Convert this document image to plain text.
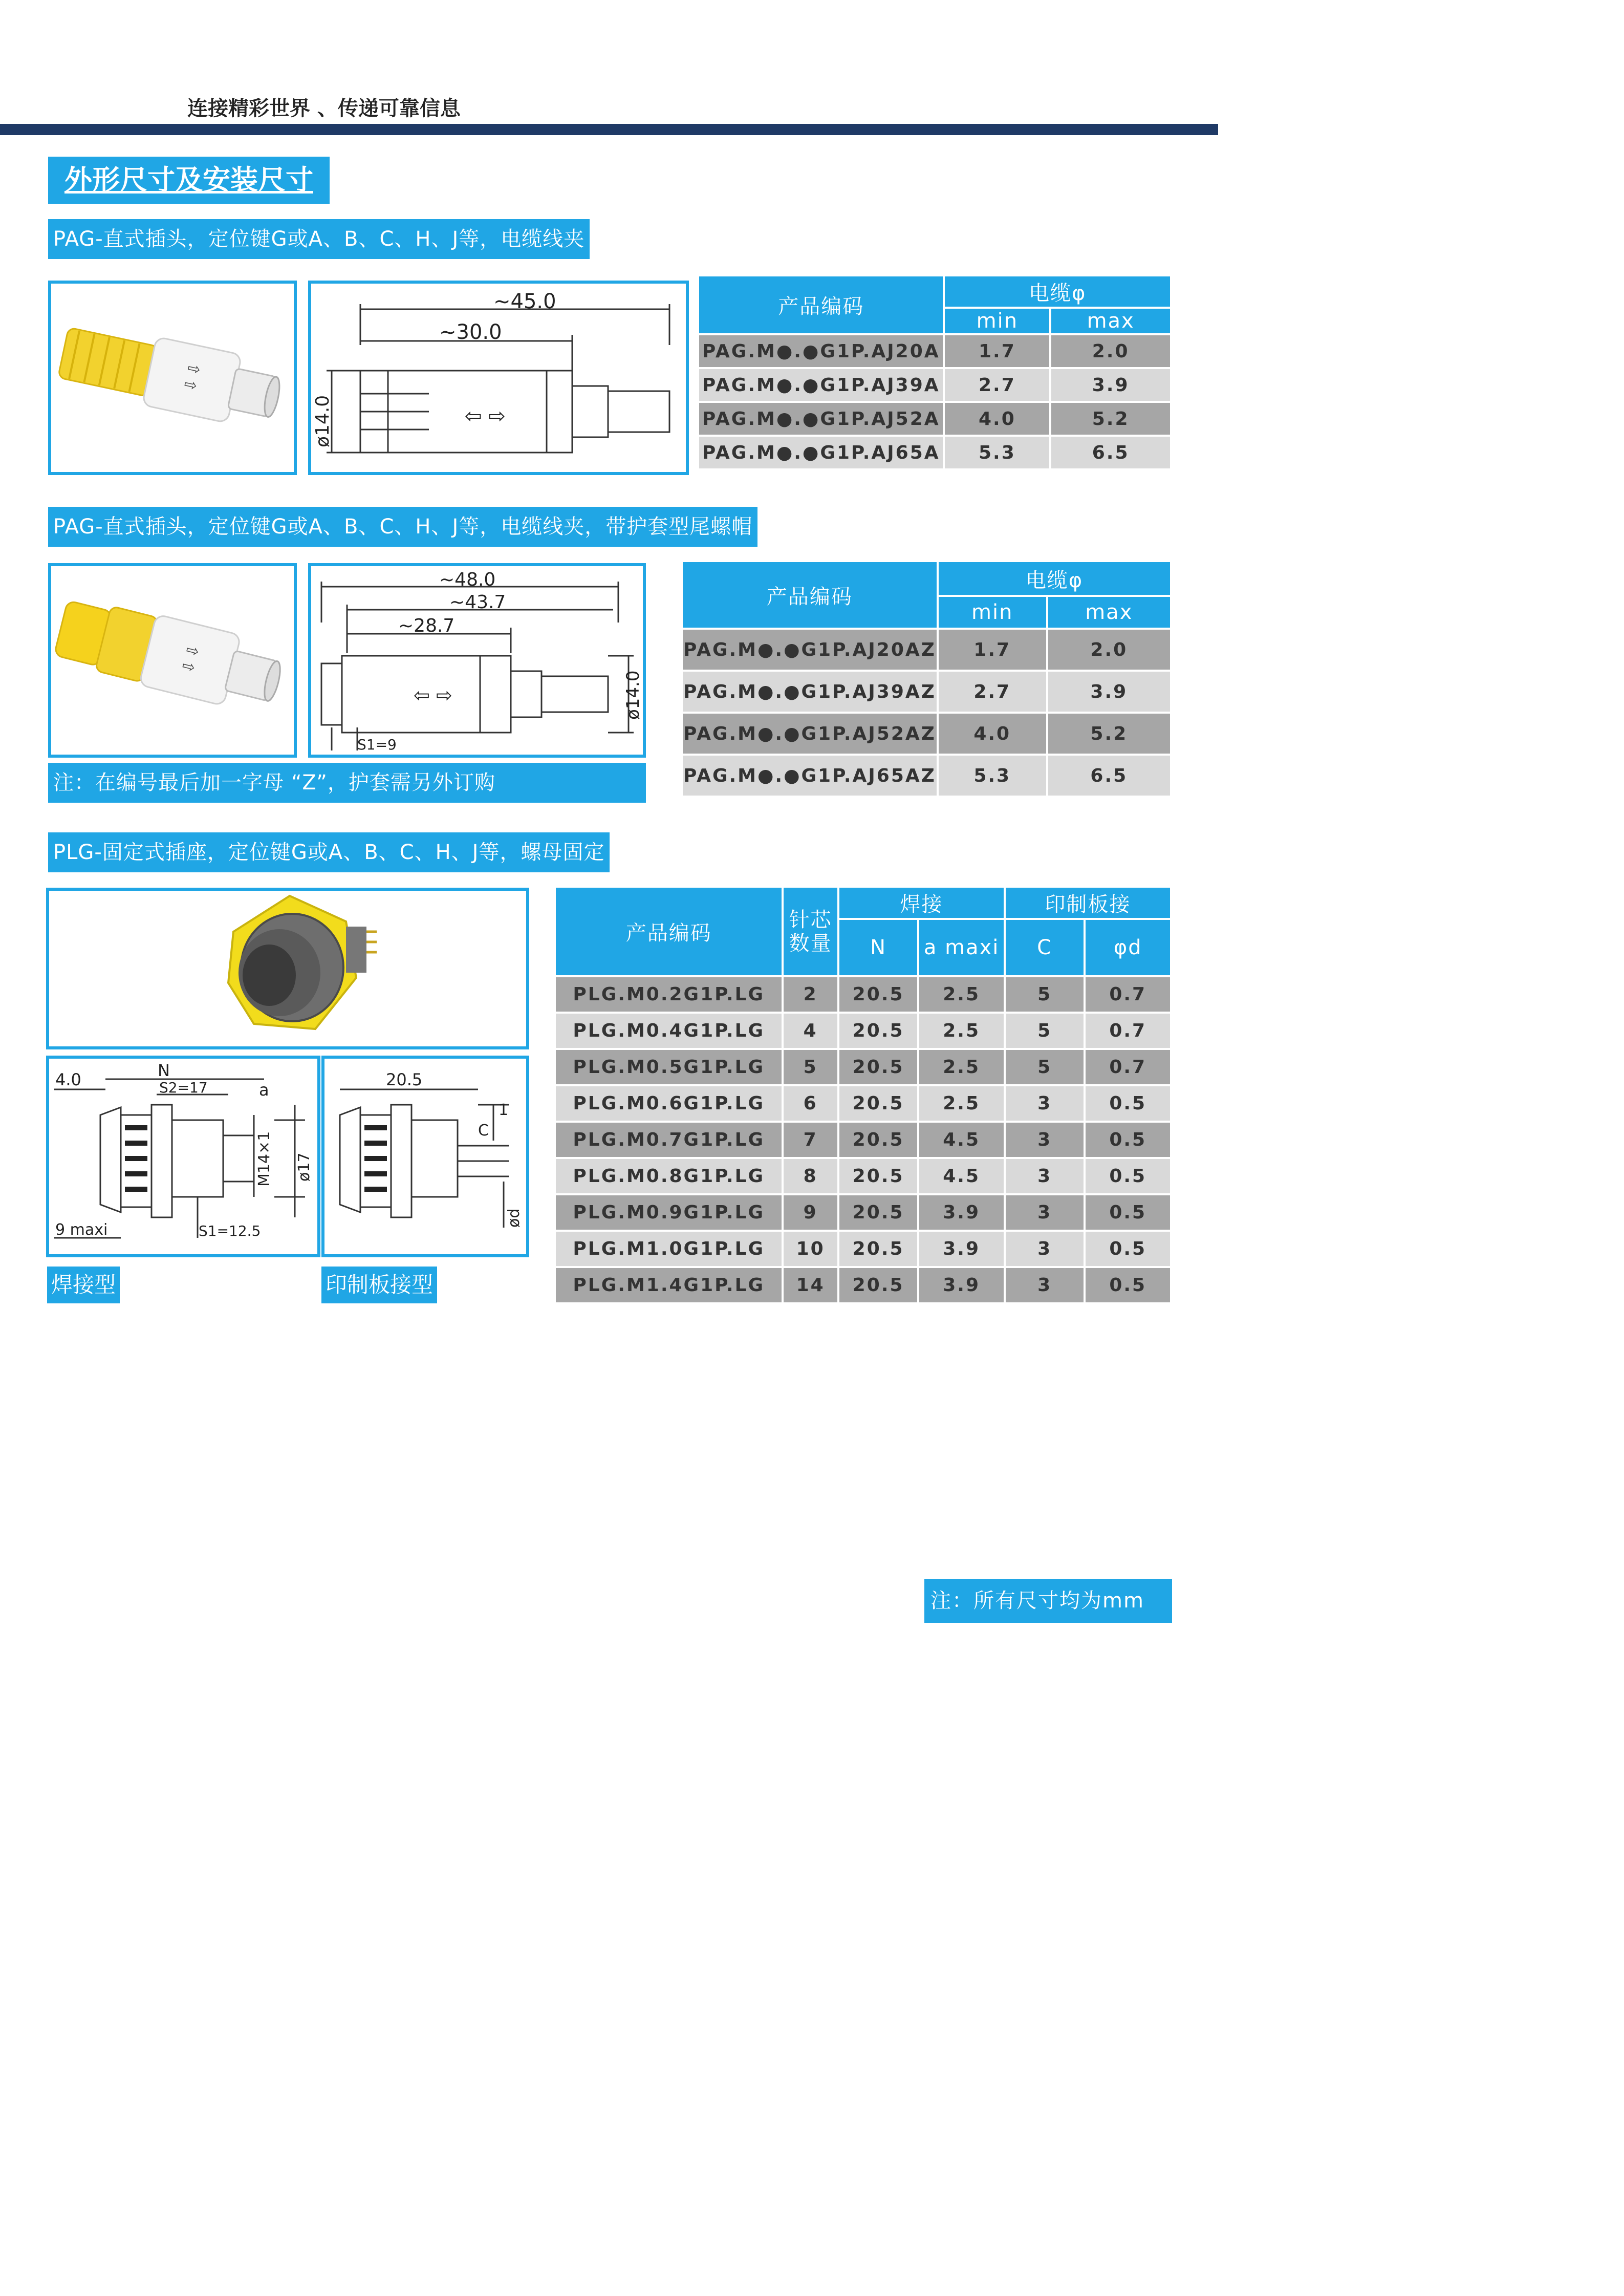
连接精彩世界 、传递可靠信息
外形尺寸及安装尺寸
PAG-直式插头，定位键G或A、B、C、H、J等，电缆线夹
⇨
⇨
~45.0
~30.0
ø14.0	⇦ ⇨
产品编码	电缆φ	
	min	max
PAG.M●.●G1P.AJ20A	1.7	2.0
PAG.M●.●G1P.AJ39A	2.7	3.9
PAG.M●.●G1P.AJ52A	4.0	5.2
PAG.M●.●G1P.AJ65A	5.3	6.5
PAG-直式插头，定位键G或A、B、C、H、J等，电缆线夹，带护套型尾螺帽
⇨
⇨
~48.0
~43.7
~28.7
ø14.0
S1=9
⇦ ⇨
注：在编号最后加一字母 “Z”，护套需另外订购
产品编码	电缆φ	
	min	max
PAG.M●.●G1P.AJ20AZ	1.7	2.0
PAG.M●.●G1P.AJ39AZ	2.7	3.9
PAG.M●.●G1P.AJ52AZ	4.0	5.2
PAG.M●.●G1P.AJ65AZ	5.3	6.5
PLG-固定式插座，定位键G或A、B、C、H、J等，螺母固定
4.0	N
S2=17	a
M14×1 ø17
9 maxi	S1=12.5
20.5
1
C
ød
焊接型	印制板接型
产品编码	针芯数量	焊接		印制板接	
		N	a maxi	C	φd
PLG.M0.2G1P.LG	2	20.5	2.5	5	0.7
PLG.M0.4G1P.LG	4	20.5	2.5	5	0.7
PLG.M0.5G1P.LG	5	20.5	2.5	5	0.7
PLG.M0.6G1P.LG	6	20.5	2.5	3	0.5
PLG.M0.7G1P.LG	7	20.5	4.5	3	0.5
PLG.M0.8G1P.LG	8	20.5	4.5	3	0.5
PLG.M0.9G1P.LG	9	20.5	3.9	3	0.5
PLG.M1.0G1P.LG	10	20.5	3.9	3	0.5
PLG.M1.4G1P.LG	14	20.5	3.9	3	0.5
注：所有尺寸均为mm
